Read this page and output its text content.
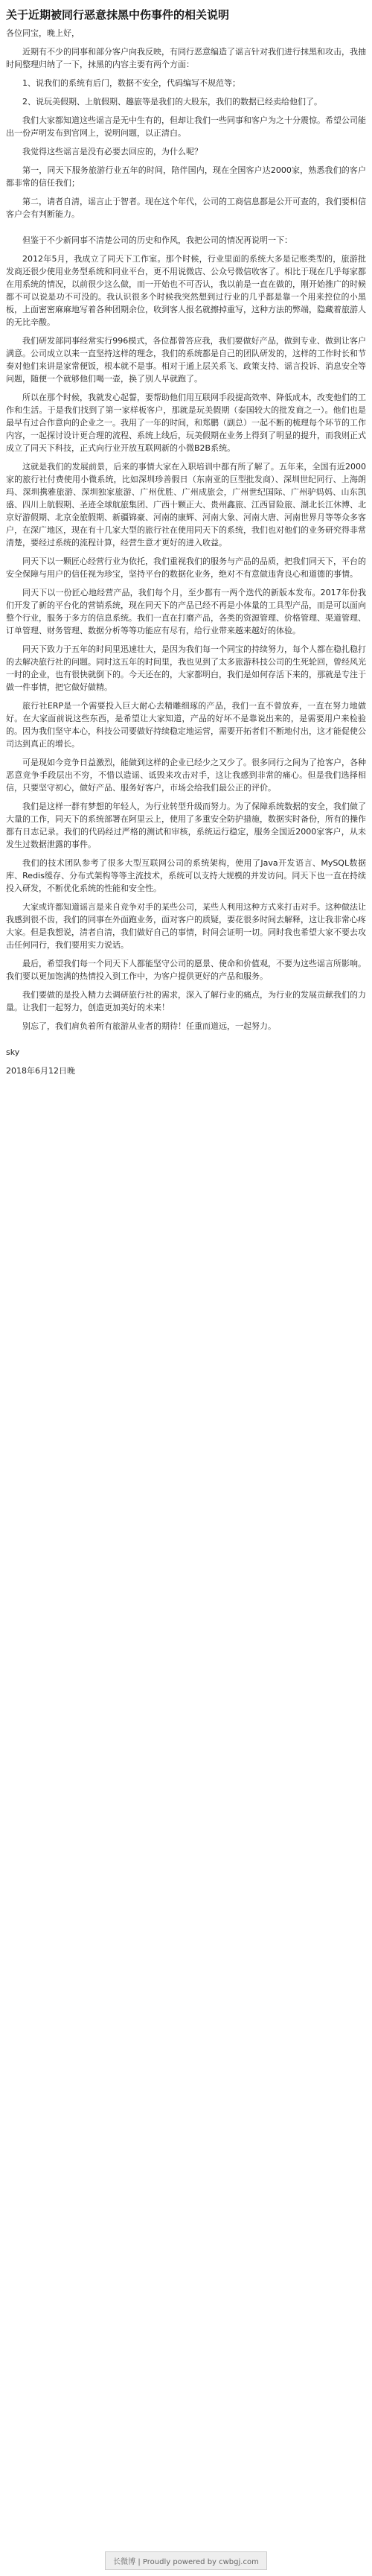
关于近期被同行恶意抹黑中伤事件的相关说明

各位同宝，晚上好，

近期有不少的同事和部分客户向我反映，有同行恶意编造了谣言针对我们进行抹黑和攻击，我抽时间整理归纳了一下，抹黑的内容主要有两个方面：

1、说我们的系统有后门，数据不安全，代码编写不规范等；

2、说玩美假期、上航假期、趣旅等是我们的大股东，我们的数据已经卖给他们了。

我们大家都知道这些谣言是无中生有的，但却让我们一些同事和客户为之十分震惊。希望公司能出一份声明发布到官网上，说明问题，以正清白。

我觉得这些谣言是没有必要去回应的，为什么呢？

第一，同天下服务旅游行业五年的时间，陪伴国内，现在全国客户达2000家，熟悉我们的客户都非常的信任我们；

第二，请者自清，谣言止于智者。现在这个年代，公司的工商信息都是公开可查的，我们要相信客户会有判断能力。

但鉴于不少新同事不清楚公司的历史和作风，我把公司的情况再说明一下：

2012年5月，我成立了同天下工作室。那个时候，行业里面的系统大多是记账类型的，旅游批发商还很少使用业务型系统和同业平台，更不用说微店、公众号微信收客了。相比于现在几乎每家都在用系统的情况，以前很少这么做，而一开始也不可否认，我以前是一直在做的，刚开始推广的时候都不可以说是功不可没的。我认识很多个时候我突然想到过行业的几乎都是靠一个用来控位的小黑板，上面密密麻麻地写着各种团期余位，收到客人报名就擦掉重写，这种方法的弊端，隐藏着旅游人的无比辛酸。

我们研发部同事经常实行996模式，各位都曾答应我，我们要做好产品，做到专业、做到让客户满意。公司成立以来一直坚持这样的理念，我们的系统都是自己的团队研发的，这样的工作时长和节奏对他们来讲是家常便饭，根本就不是事。相对于通上层关系飞、政策支持、谣言投诉、消息安全等问题，随便一个就够他们喝一壶，换了别人早就跑了。

所以在那个时候，我就发心起誓，要帮助他们用互联网手段提高效率、降低成本，改变他们的工作和生活。于是我们找到了第一家样板客户，那就是玩美假期（泰国较大的批发商之一）。他们也是最早有过合作意向的企业之一。我用了一年的时间，和郑鹏（副总）一起不断的梳理每个环节的工作内容，一起探讨设计更合理的流程、系统上线后，玩美假期在业务上得到了明显的提升，而我则正式成立了同天下科技，正式向行业开放互联网新的小微B2B系统。

这就是我们的发展前景，后来的事情大家在入职培训中都有所了解了。五年来，全国有近2000家的旅行社付费使用小微系统，比如深圳珍善假日（东南亚的巨型批发商）、深圳世纪同行、上海朗玛、深圳携雅旅游、深圳独家旅游、广州优胜、广州成旅会，广州世纪国际、广州驴妈妈、山东凯盛、四川上航假期、圣迹全球航旅集团、广西十颗正大、贵州鑫旅、江西冒险旅、湖北长江休博、北京好游假期、北京金旅假期、新疆锦豪、河南的康辉、河南大象、河南大唐、河南世界月等等众多客户，在深广地区，现在有十几家大型的旅行社在使用同天下的系统，我们也对他们的业务研究得非常清楚，要经过系统的流程计算，经营生意才更好的进入收益。

同天下以一颗匠心经营行业为依托，我们重视我们的服务与产品的品质，把我们同天下，平台的安全保障与用户的信任视为珍宝，坚持平台的数据化业务，绝对不有意做违背良心和道德的事情。

同天下以一份匠心地经营产品，我们每个月，至少都有一两个迭代的新版本发布。2017年份我们开发了新的平台化的营销系统，现在同天下的产品已经不再是小体量的工具型产品，而是可以面向整个行业，服务于多方的信息系统。我们一直在打磨产品，各类的资源管理、价格管理、渠道管理、订单管理、财务管理、数据分析等等功能应有尽有，给行业带来越来越好的体验。

同天下致力于五年的时间里迅速壮大，是因为我们每一个同宝的持续努力，每个人都在稳扎稳打的去解决旅行社的问题。同时这五年的时间里，我也见到了太多旅游科技公司的生死轮回，曾经风光一时的企业，也有很快就倒下的。今天还在的，大家都明白，我们是如何存活下来的，那就是专注于做一件事情，把它做好做精。

旅行社ERP是一个需要投入巨大耐心去精雕细琢的产品，我们一直不曾放弃，一直在努力地做好。在大家面前说这些东西，是希望让大家知道，产品的好坏不是靠说出来的，是需要用户来检验的。因为我们坚守本心，科技公司要做好持续稳定地运营，需要开拓者们不断地付出，这才能促使公司达到真正的增长。

可是现如今竞争日益激烈，能做到这样的企业已经少之又少了。很多同行之间为了抢客户，各种恶意竞争手段层出不穷，不惜以造谣、诋毁来攻击对手，这让我感到非常的痛心。但是我们选择相信，只要坚守初心，做好产品、服务好客户，市场会给我们最公正的评价。

我们是这样一群有梦想的年轻人，为行业转型升级而努力。为了保障系统数据的安全，我们做了大量的工作，同天下的系统部署在阿里云上，使用了多重安全防护措施，数据实时备份，所有的操作都有日志记录。我们的代码经过严格的测试和审核，系统运行稳定，服务全国近2000家客户，从未发生过数据泄露的事件。

我们的技术团队参考了很多大型互联网公司的系统架构，使用了Java开发语言、MySQL数据库、Redis缓存、分布式架构等等主流技术，系统可以支持大规模的并发访问。同天下也一直在持续投入研发，不断优化系统的性能和安全性。

大家或许都知道谣言是来自竞争对手的某些公司，某些人利用这种方式来打击对手。这种做法让我感到很不齿，我们的同事在外面跑业务，面对客户的质疑，要花很多时间去解释，这让我非常心疼大家。但是我想说，清者自清，我们做好自己的事情，时间会证明一切。同时我也希望大家不要去攻击任何同行，我们要用实力说话。

最后，希望我们每一个同天下人都能坚守公司的愿景、使命和价值观，不要为这些谣言所影响。我们要以更加饱满的热情投入到工作中，为客户提供更好的产品和服务。

我们要做的是投入精力去调研旅行社的需求，深入了解行业的痛点，为行业的发展贡献我们的力量。让我们一起努力，创造更加美好的未来！

别忘了，我们肩负着所有旅游从业者的期待！任重而道远，一起努力。

sky

2018年6月12日晚

长微博 | Proudly powered by cwbgj.com
